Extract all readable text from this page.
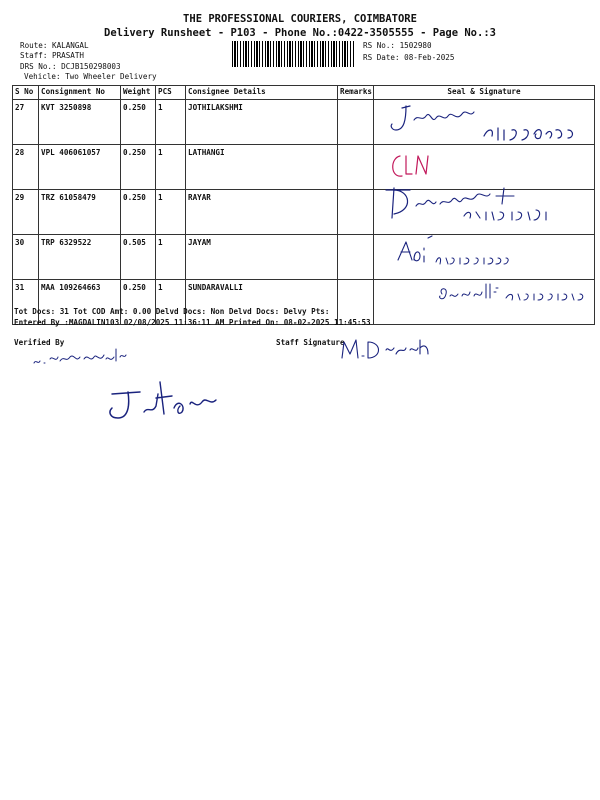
THE PROFESSIONAL COURIERS, COIMBATORE
Delivery Runsheet - P103 - Phone No.:0422-3505555 - Page No.:3
Route: KALANGAL
Staff: PRASATH
DRS No.: DCJB150298003
Vehicle: Two Wheeler Delivery
RS No.: 1502980
RS Date: 08-Feb-2025
S No	Consignment No	Weight	PCS	Consignee Details	Remarks	Seal & Signature
27	KVT 3250898	0.250	1	JOTHILAKSHMI		
28	VPL 406061057	0.250	1	LATHANGI		
29	TRZ 61058479	0.250	1	RAYAR		
30	TRP 6329522	0.505	1	JAYAM		
31	MAA 109264663	0.250	1	SUNDARAVALLI		
Tot Docs: 31 Tot COD Amt: 0.00 Delvd Docs: Non Delvd Docs: Delvy Pts:
Entered By :MAGDALIN103 02/08/2025 11:36:11 AM Printed On: 08-02-2025 11:45:53
Verified By	Staff Signature
